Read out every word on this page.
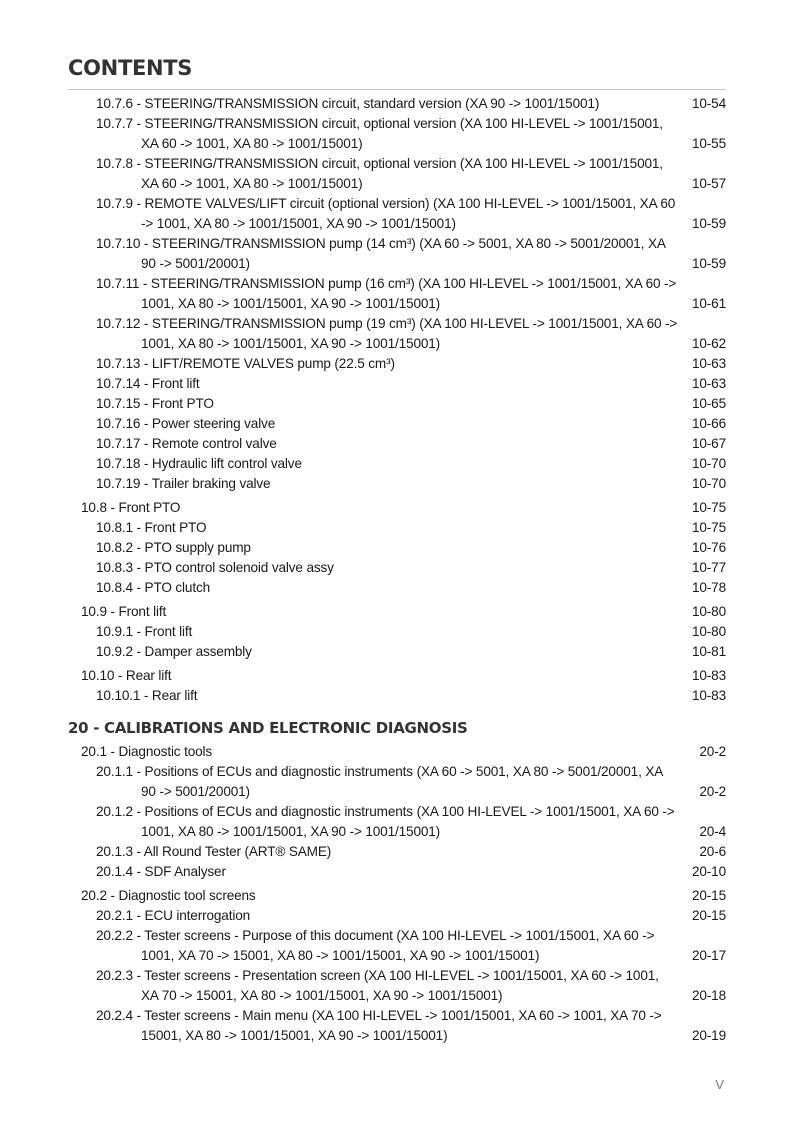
CONTENTS
10.7.6 - STEERING/TRANSMISSION circuit, standard version (XA 90 -> 1001/15001)	10-54
10.7.7 - STEERING/TRANSMISSION circuit, optional version (XA 100 HI-LEVEL -> 1001/15001, XA 60 -> 1001, XA 80 -> 1001/15001)	10-55
10.7.8 - STEERING/TRANSMISSION circuit, optional version (XA 100 HI-LEVEL -> 1001/15001, XA 60 -> 1001, XA 80 -> 1001/15001)	10-57
10.7.9 - REMOTE VALVES/LIFT circuit (optional version) (XA 100 HI-LEVEL -> 1001/15001, XA 60 -> 1001, XA 80 -> 1001/15001, XA 90 -> 1001/15001)	10-59
10.7.10 - STEERING/TRANSMISSION pump (14 cm³) (XA 60 -> 5001, XA 80 -> 5001/20001, XA 90 -> 5001/20001)	10-59
10.7.11 - STEERING/TRANSMISSION pump (16 cm³) (XA 100 HI-LEVEL -> 1001/15001, XA 60 -> 1001, XA 80 -> 1001/15001, XA 90 -> 1001/15001)	10-61
10.7.12 - STEERING/TRANSMISSION pump (19 cm³) (XA 100 HI-LEVEL -> 1001/15001, XA 60 -> 1001, XA 80 -> 1001/15001, XA 90 -> 1001/15001)	10-62
10.7.13 - LIFT/REMOTE VALVES pump (22.5 cm³)	10-63
10.7.14 - Front lift	10-63
10.7.15 - Front PTO	10-65
10.7.16 - Power steering valve	10-66
10.7.17 - Remote control valve	10-67
10.7.18 - Hydraulic lift control valve	10-70
10.7.19 - Trailer braking valve	10-70
10.8 - Front PTO	10-75
10.8.1 - Front PTO	10-75
10.8.2 - PTO supply pump	10-76
10.8.3 - PTO control solenoid valve assy	10-77
10.8.4 - PTO clutch	10-78
10.9 - Front lift	10-80
10.9.1 - Front lift	10-80
10.9.2 - Damper assembly	10-81
10.10 - Rear lift	10-83
10.10.1 - Rear lift	10-83
20 - CALIBRATIONS AND ELECTRONIC DIAGNOSIS
20.1 - Diagnostic tools	20-2
20.1.1 - Positions of ECUs and diagnostic instruments (XA 60 -> 5001, XA 80 -> 5001/20001, XA 90 -> 5001/20001)	20-2
20.1.2 - Positions of ECUs and diagnostic instruments (XA 100 HI-LEVEL -> 1001/15001, XA 60 -> 1001, XA 80 -> 1001/15001, XA 90 -> 1001/15001)	20-4
20.1.3 - All Round Tester (ART® SAME)	20-6
20.1.4 - SDF Analyser	20-10
20.2 - Diagnostic tool screens	20-15
20.2.1 - ECU interrogation	20-15
20.2.2 - Tester screens - Purpose of this document (XA 100 HI-LEVEL -> 1001/15001, XA 60 -> 1001, XA 70 -> 15001, XA 80 -> 1001/15001, XA 90 -> 1001/15001)	20-17
20.2.3 - Tester screens - Presentation screen (XA 100 HI-LEVEL -> 1001/15001, XA 60 -> 1001, XA 70 -> 15001, XA 80 -> 1001/15001, XA 90 -> 1001/15001)	20-18
20.2.4 - Tester screens - Main menu (XA 100 HI-LEVEL -> 1001/15001, XA 60 -> 1001, XA 70 -> 15001, XA 80 -> 1001/15001, XA 90 -> 1001/15001)	20-19
V
